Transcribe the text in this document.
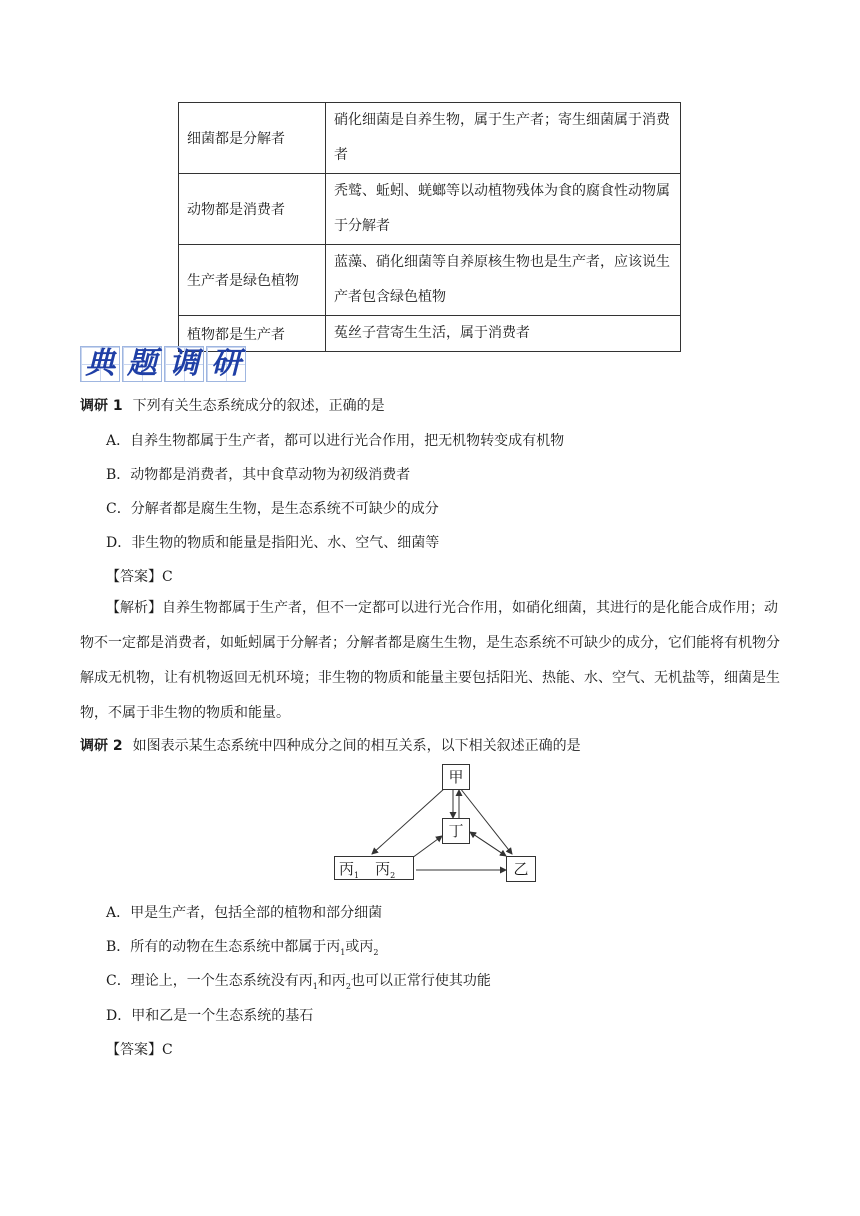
细菌都是分解者	硝化细菌是自养生物，属于生产者；寄生细菌属于消费者
动物都是消费者	秃鹫、蚯蚓、蜣螂等以动植物残体为食的腐食性动物属于分解者
生产者是绿色植物	蓝藻、硝化细菌等自养原核生物也是生产者，应该说生产者包含绿色植物
植物都是生产者	菟丝子营寄生生活，属于消费者
典 题 调 研
调研 1 下列有关生态系统成分的叙述，正确的是
A．自养生物都属于生产者，都可以进行光合作用，把无机物转变成有机物
B．动物都是消费者，其中食草动物为初级消费者
C．分解者都是腐生生物，是生态系统不可缺少的成分
D．非生物的物质和能量是指阳光、水、空气、细菌等
【答案】C
【解析】自养生物都属于生产者，但不一定都可以进行光合作用，如硝化细菌，其进行的是化能合成作用；动物不一定都是消费者，如蚯蚓属于分解者；分解者都是腐生生物，是生态系统不可缺少的成分，它们能将有机物分解成无机物，让有机物返回无机环境；非生物的物质和能量主要包括阳光、热能、水、空气、无机盐等，细菌是生物，不属于非生物的物质和能量。
调研 2 如图表示某生态系统中四种成分之间的相互关系，以下相关叙述正确的是
甲
丁
乙
丙$_1$ 丙$_2$
A．甲是生产者，包括全部的植物和部分细菌
B．所有的动物在生态系统中都属于丙$_1$或丙$_2$
C．理论上，一个生态系统没有丙$_1$和丙$_2$也可以正常行使其功能
D．甲和乙是一个生态系统的基石
【答案】C
